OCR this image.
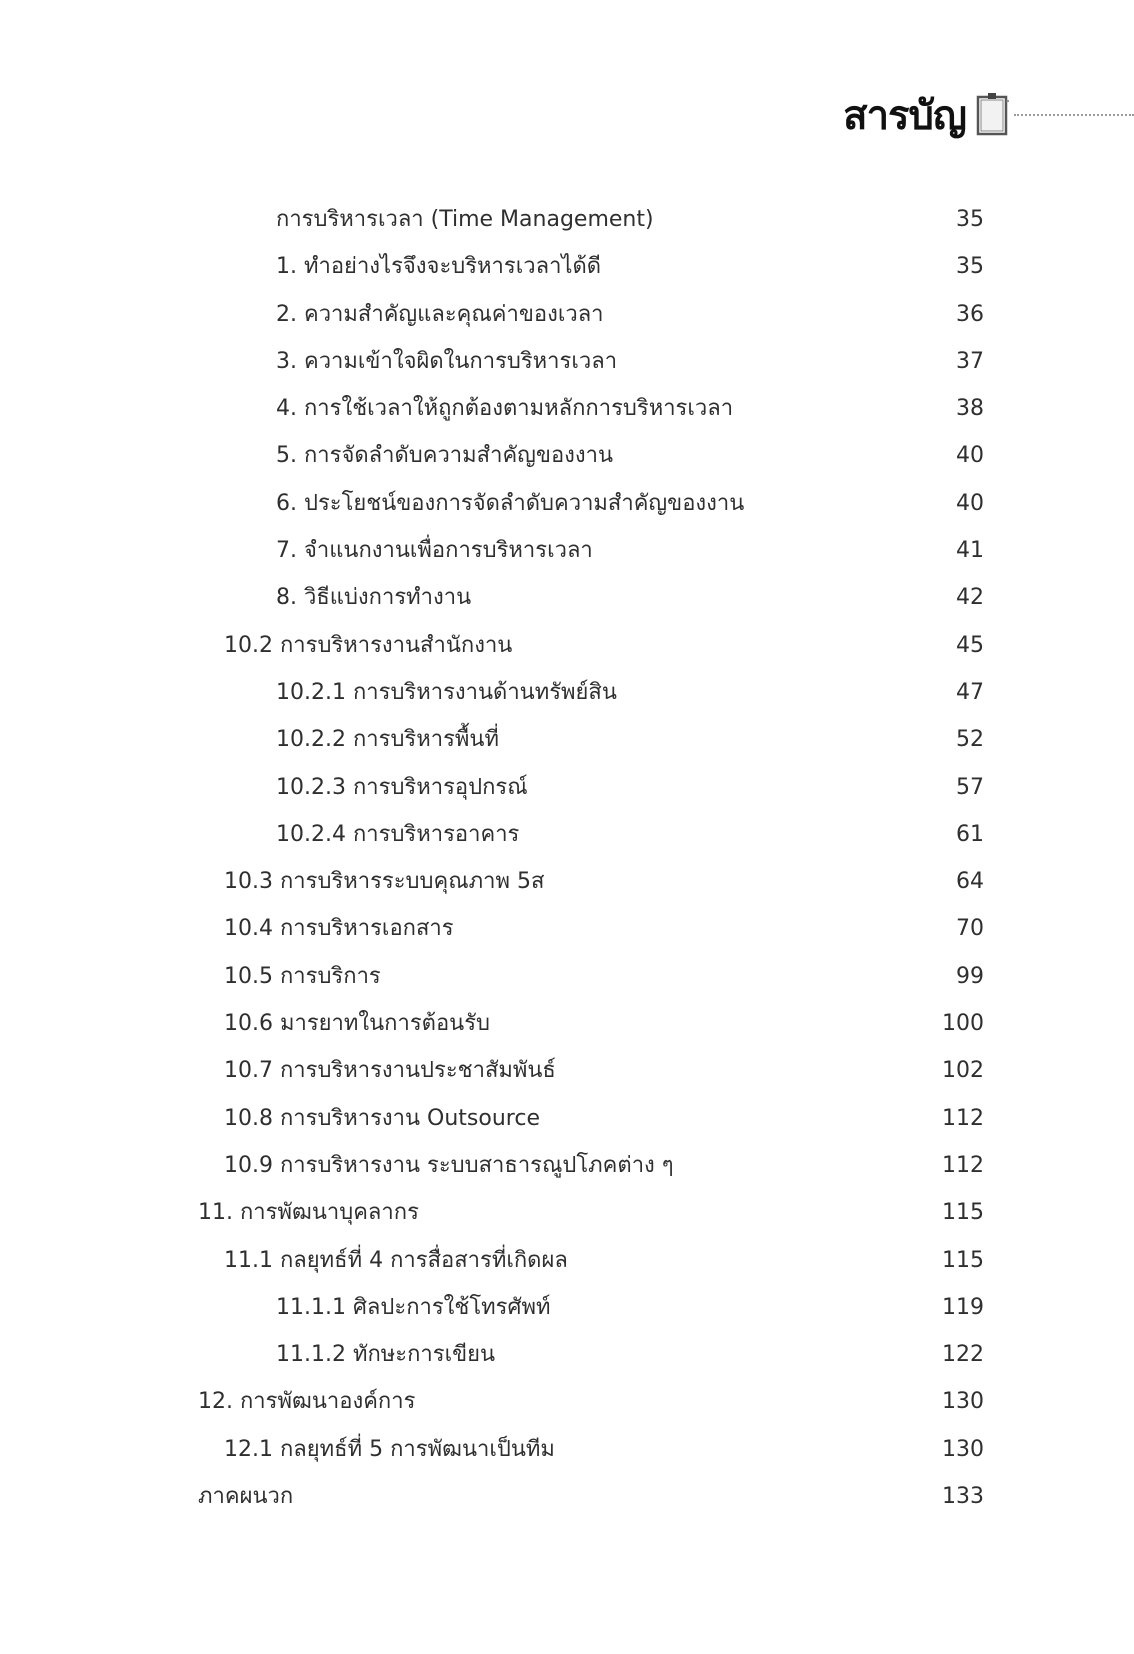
สารบัญ
การบริหารเวลา (Time Management)	35
1. ทำอย่างไรจึงจะบริหารเวลาได้ดี	35
2. ความสำคัญและคุณค่าของเวลา	36
3. ความเข้าใจผิดในการบริหารเวลา	37
4. การใช้เวลาให้ถูกต้องตามหลักการบริหารเวลา	38
5. การจัดลำดับความสำคัญของงาน	40
6. ประโยชน์ของการจัดลำดับความสำคัญของงาน	40
7. จำแนกงานเพื่อการบริหารเวลา	41
8. วิธีแบ่งการทำงาน	42
10.2 การบริหารงานสำนักงาน	45
10.2.1 การบริหารงานด้านทรัพย์สิน	47
10.2.2 การบริหารพื้นที่	52
10.2.3 การบริหารอุปกรณ์	57
10.2.4 การบริหารอาคาร	61
10.3 การบริหารระบบคุณภาพ 5ส	64
10.4 การบริหารเอกสาร	70
10.5 การบริการ	99
10.6 มารยาทในการต้อนรับ	100
10.7 การบริหารงานประชาสัมพันธ์	102
10.8 การบริหารงาน Outsource	112
10.9 การบริหารงาน ระบบสาธารณูปโภคต่าง ๆ	112
11. การพัฒนาบุคลากร	115
11.1 กลยุทธ์ที่ 4 การสื่อสารที่เกิดผล	115
11.1.1 ศิลปะการใช้โทรศัพท์	119
11.1.2 ทักษะการเขียน	122
12. การพัฒนาองค์การ	130
12.1 กลยุทธ์ที่ 5 การพัฒนาเป็นทีม	130
ภาคผนวก	133
